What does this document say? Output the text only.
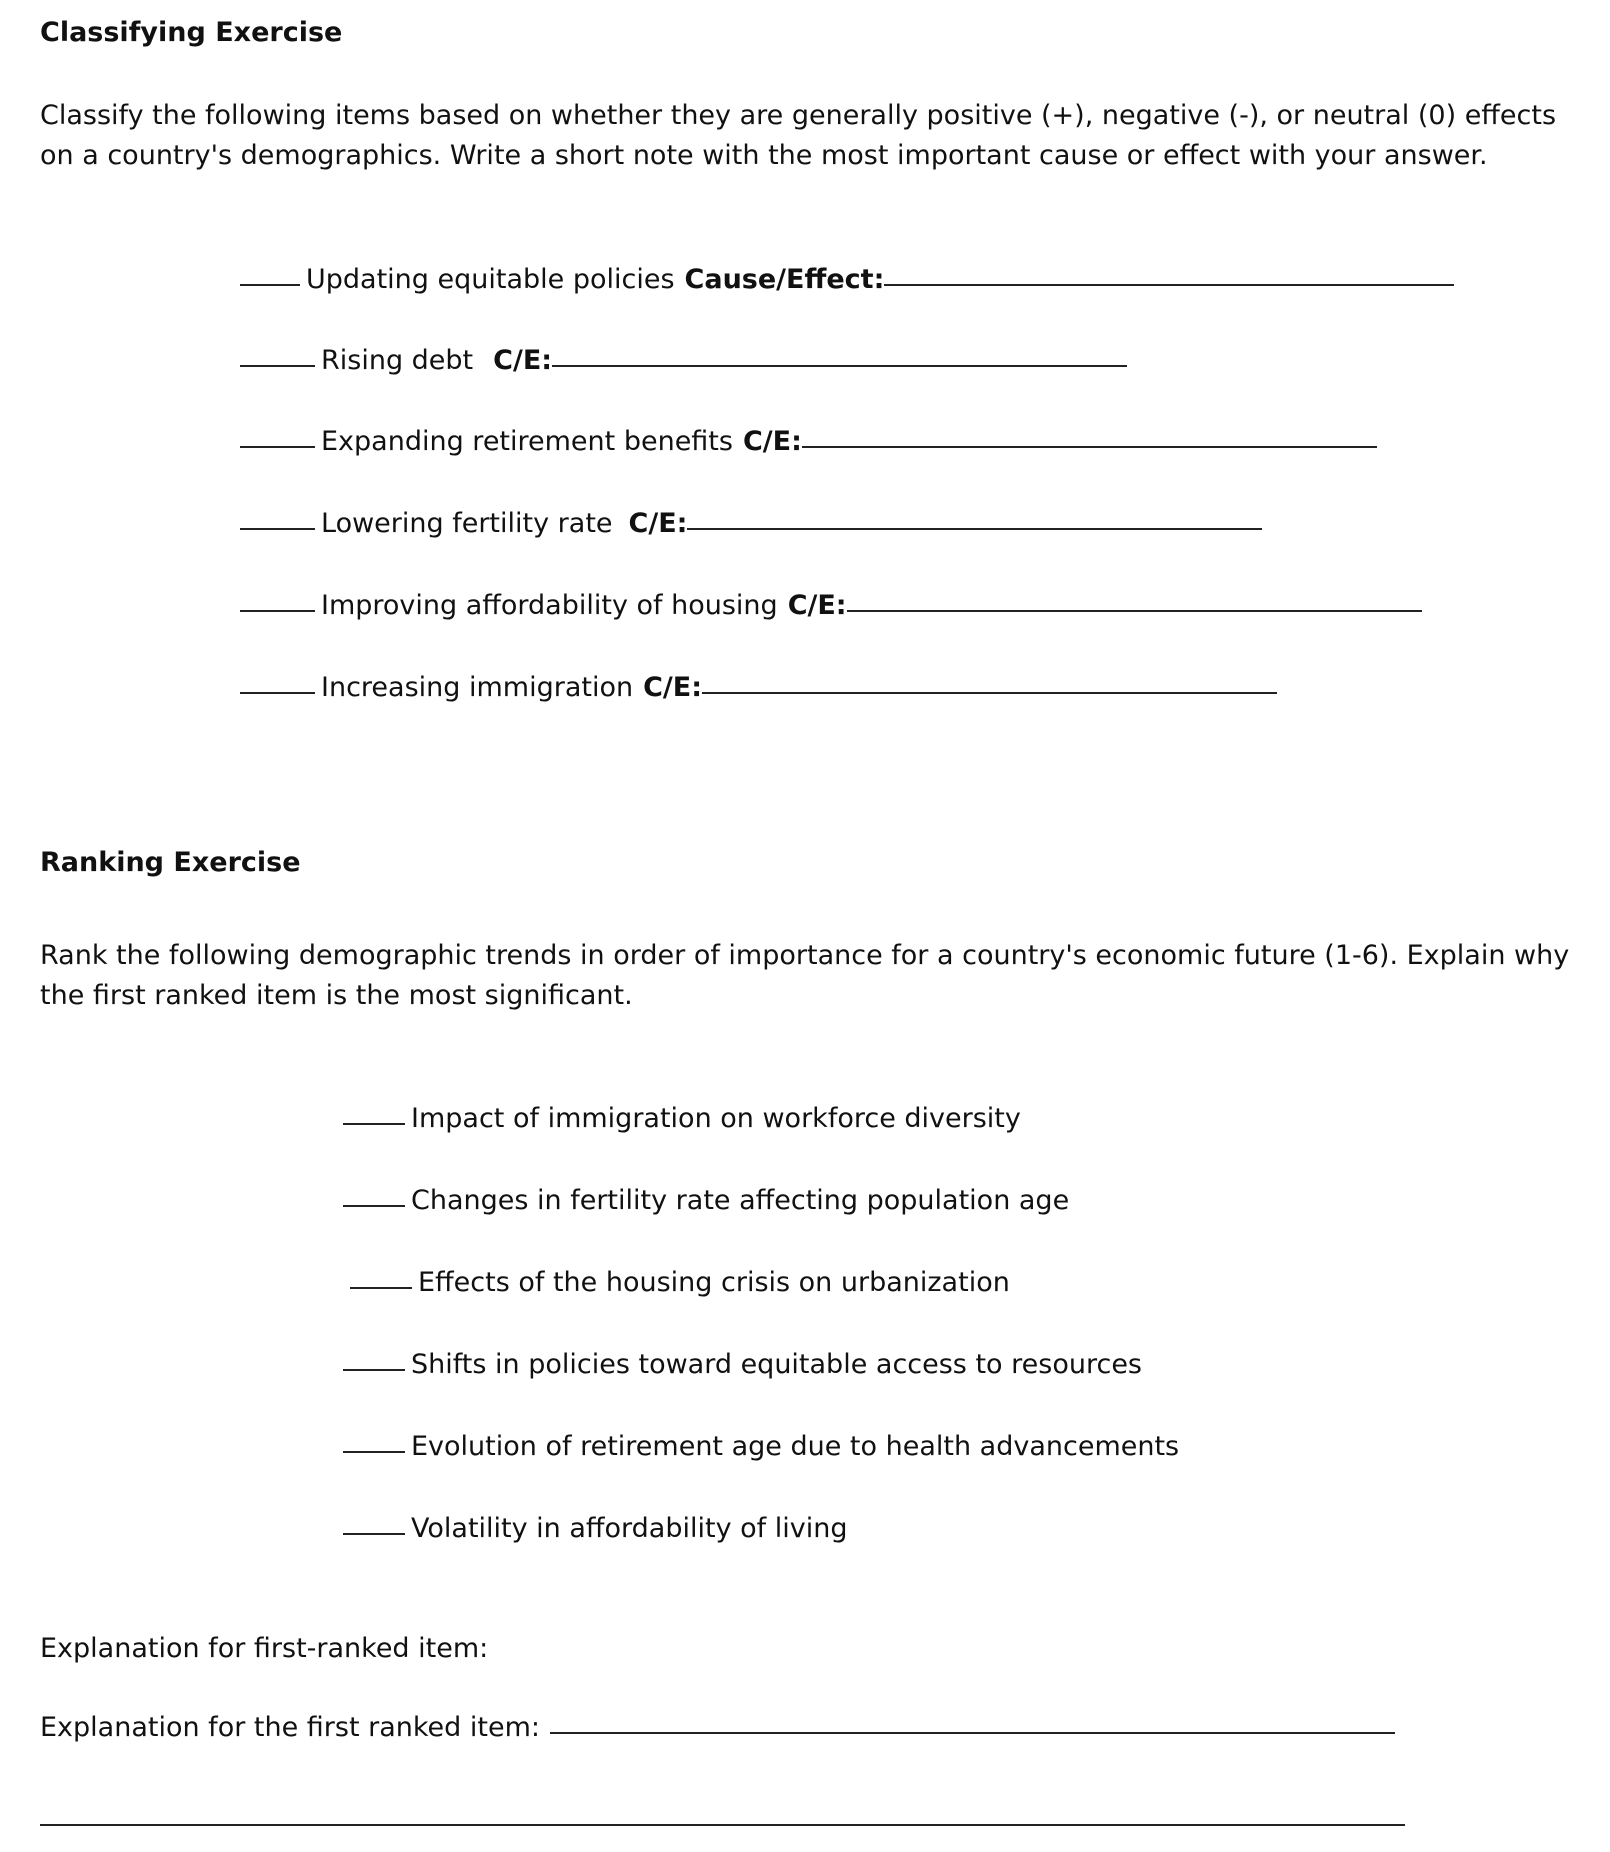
Classifying Exercise
Classify the following items based on whether they are generally positive (+), negative (-), or neutral (0) effects on a country's demographics. Write a short note with the most important cause or effect with your answer.
Updating equitable policies Cause/Effect:
Rising debt C/E:
Expanding retirement benefits C/E:
Lowering fertility rate C/E:
Improving affordability of housing C/E:
Increasing immigration C/E:
Ranking Exercise
Rank the following demographic trends in order of importance for a country's economic future (1-6). Explain why the first ranked item is the most significant.
Impact of immigration on workforce diversity
Changes in fertility rate affecting population age
Effects of the housing crisis on urbanization
Shifts in policies toward equitable access to resources
Evolution of retirement age due to health advancements
Volatility in affordability of living
Explanation for first-ranked item:
Explanation for the first ranked item:
